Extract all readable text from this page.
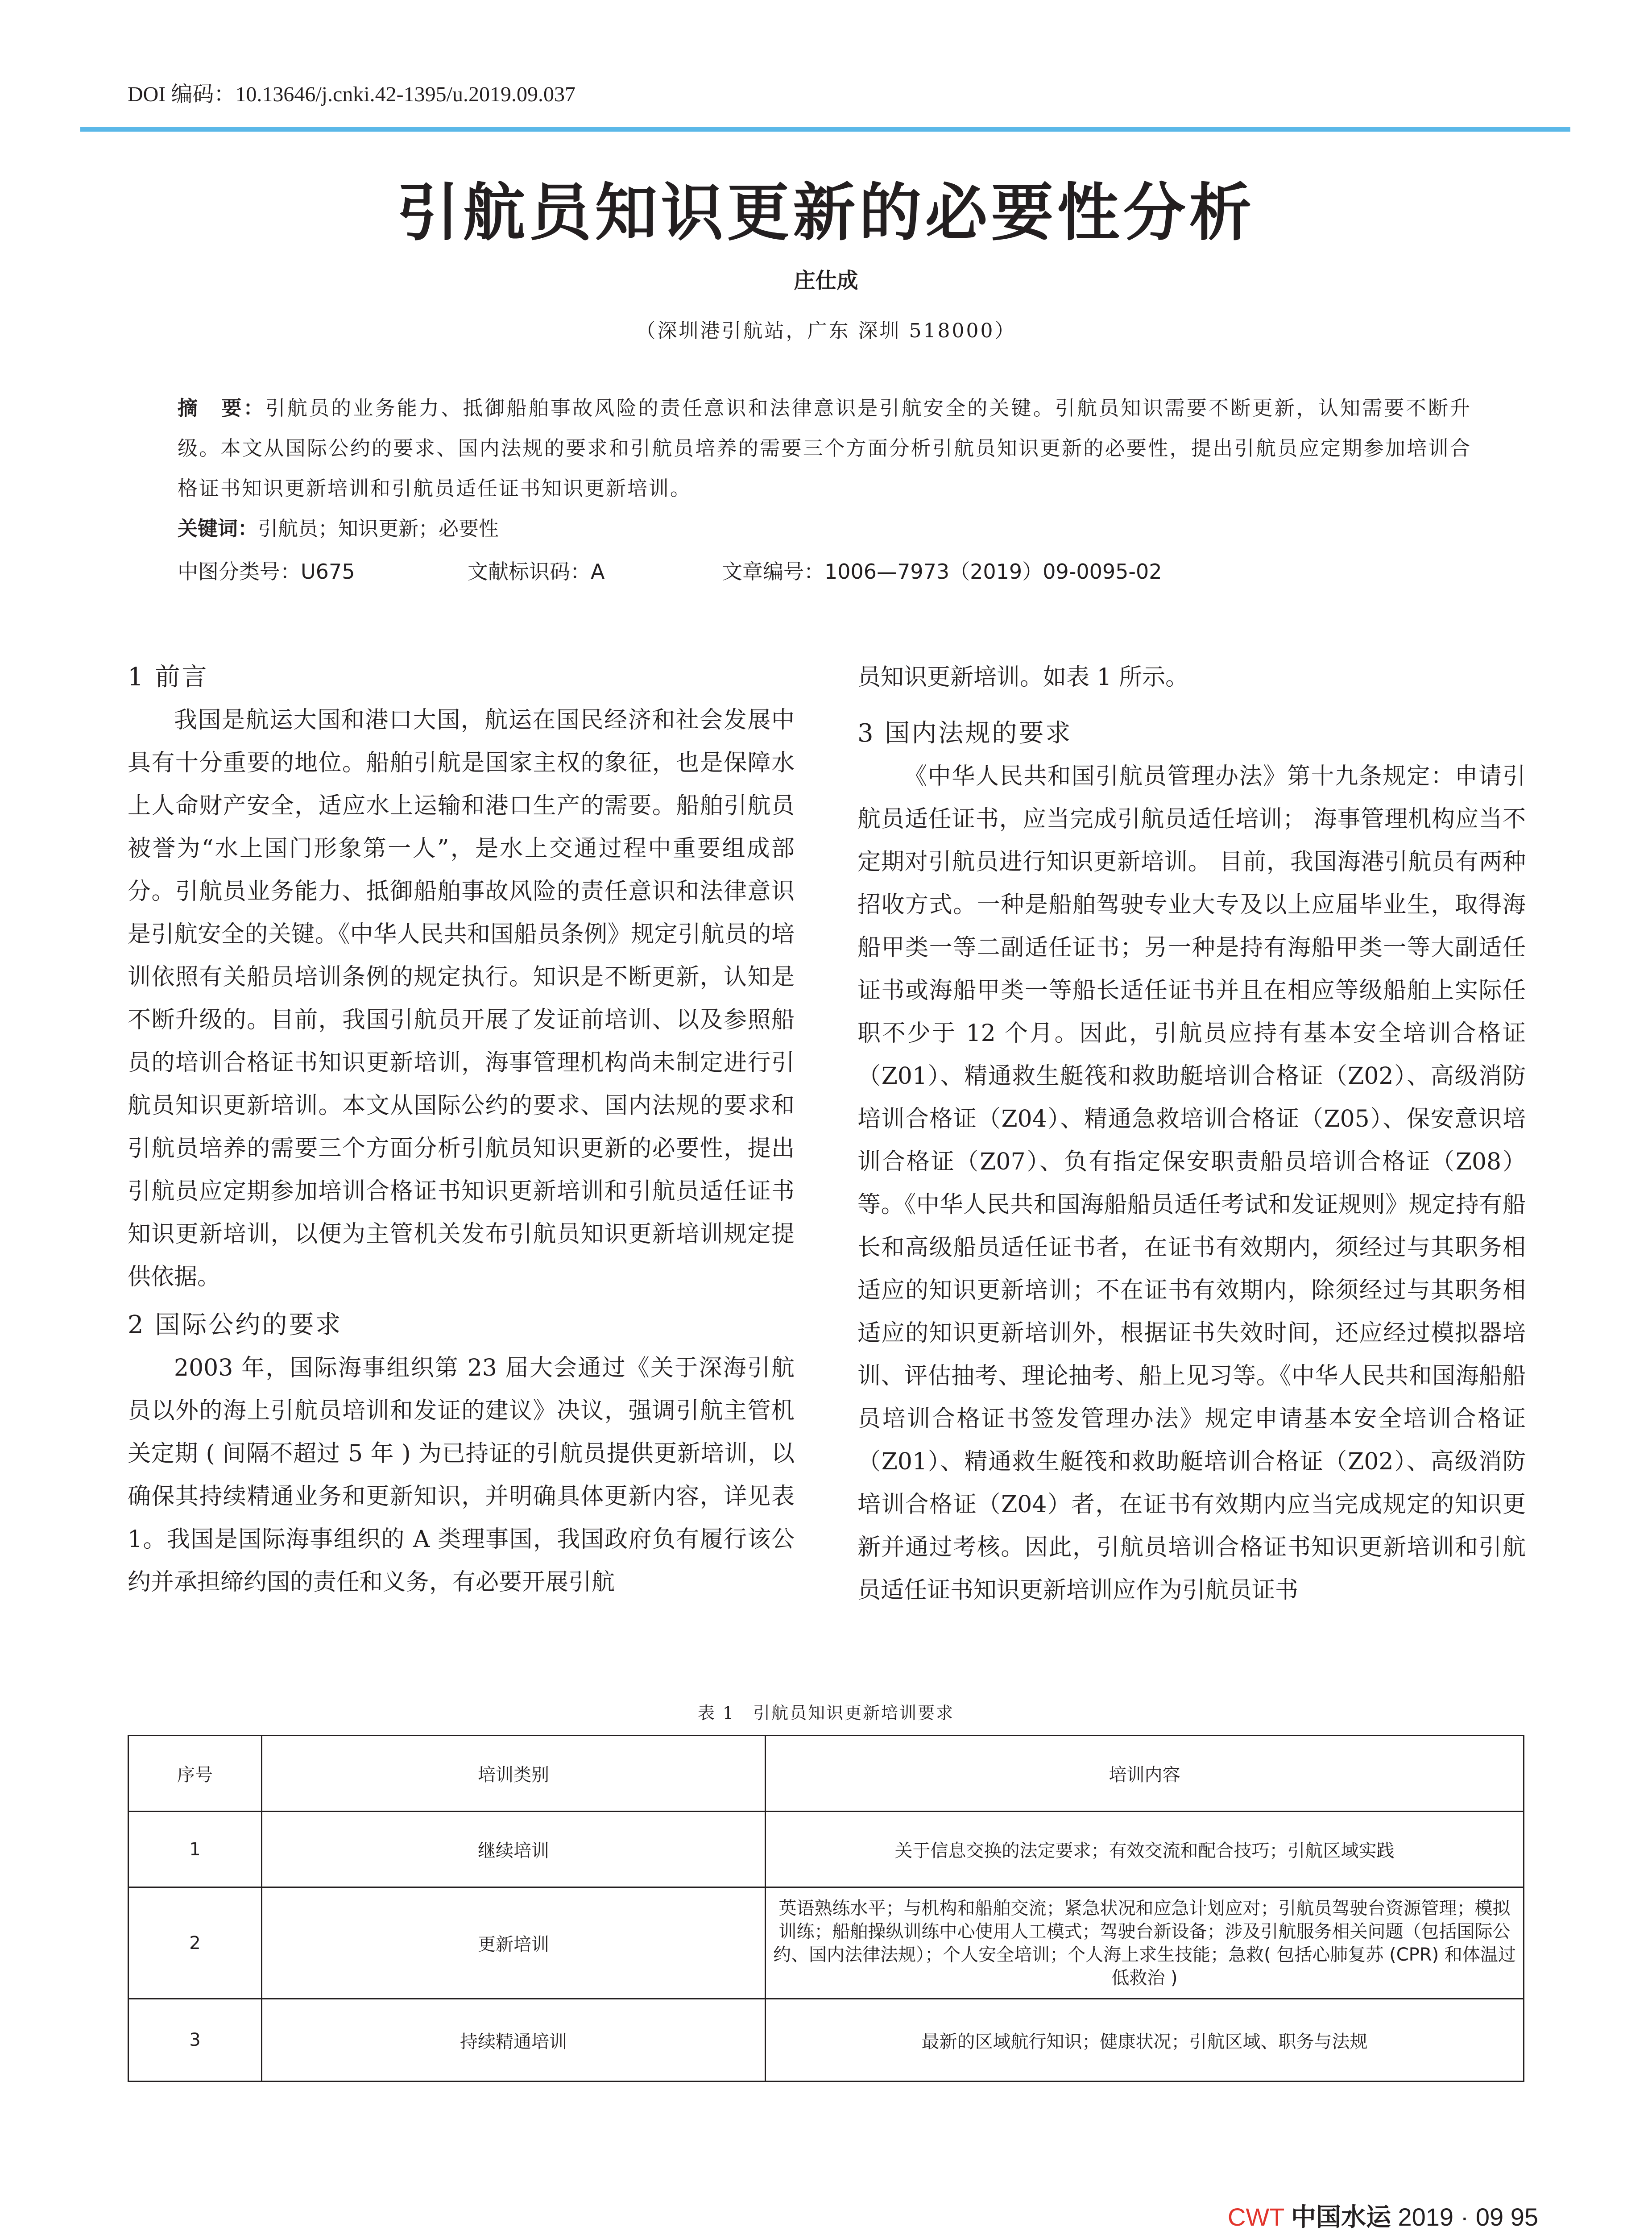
DOI 编码：10.13646/j.cnki.42-1395/u.2019.09.037
引航员知识更新的必要性分析
庄仕成
（深圳港引航站，广东 深圳 518000）
摘　要：引航员的业务能力、抵御船舶事故风险的责任意识和法律意识是引航安全的关键。引航员知识需要不断更新，认知需要不断升级。本文从国际公约的要求、国内法规的要求和引航员培养的需要三个方面分析引航员知识更新的必要性，提出引航员应定期参加培训合格证书知识更新培训和引航员适任证书知识更新培训。
关键词：引航员；知识更新；必要性
中图分类号：U675	文献标识码：A	文章编号：1006—7973（2019）09-0095-02

1 前言

我国是航运大国和港口大国，航运在国民经济和社会发展中具有十分重要的地位。船舶引航是国家主权的象征，也是保障水上人命财产安全，适应水上运输和港口生产的需要。船舶引航员被誉为“水上国门形象第一人”，是水上交通过程中重要组成部分。引航员业务能力、抵御船舶事故风险的责任意识和法律意识是引航安全的关键。《中华人民共和国船员条例》规定引航员的培训依照有关船员培训条例的规定执行。知识是不断更新，认知是不断升级的。目前，我国引航员开展了发证前培训、以及参照船员的培训合格证书知识更新培训，海事管理机构尚未制定进行引航员知识更新培训。本文从国际公约的要求、国内法规的要求和引航员培养的需要三个方面分析引航员知识更新的必要性，提出引航员应定期参加培训合格证书知识更新培训和引航员适任证书知识更新培训，以便为主管机关发布引航员知识更新培训规定提供依据。

2 国际公约的要求

2003 年，国际海事组织第 23 届大会通过《关于深海引航员以外的海上引航员培训和发证的建议》决议，强调引航主管机关定期 ( 间隔不超过 5 年 ) 为已持证的引航员提供更新培训，以确保其持续精通业务和更新知识，并明确具体更新内容，详见表 1。我国是国际海事组织的 A 类理事国，我国政府负有履行该公约并承担缔约国的责任和义务，有必要开展引航

员知识更新培训。如表 1 所示。

3 国内法规的要求

《中华人民共和国引航员管理办法》第十九条规定：申请引航员适任证书，应当完成引航员适任培训； 海事管理机构应当不定期对引航员进行知识更新培训。 目前，我国海港引航员有两种招收方式。一种是船舶驾驶专业大专及以上应届毕业生，取得海船甲类一等二副适任证书；另一种是持有海船甲类一等大副适任证书或海船甲类一等船长适任证书并且在相应等级船舶上实际任职不少于 12 个月。因此，引航员应持有基本安全培训合格证（Z01）、精通救生艇筏和救助艇培训合格证（Z02）、高级消防培训合格证（Z04）、精通急救培训合格证（Z05）、保安意识培训合格证（Z07）、负有指定保安职责船员培训合格证（Z08）等。《中华人民共和国海船船员适任考试和发证规则》规定持有船长和高级船员适任证书者，在证书有效期内，须经过与其职务相适应的知识更新培训；不在证书有效期内，除须经过与其职务相适应的知识更新培训外，根据证书失效时间，还应经过模拟器培训、评估抽考、理论抽考、船上见习等。《中华人民共和国海船船员培训合格证书签发管理办法》规定申请基本安全培训合格证（Z01）、精通救生艇筏和救助艇培训合格证（Z02）、高级消防培训合格证（Z04）者，在证书有效期内应当完成规定的知识更新并通过考核。因此，引航员培训合格证书知识更新培训和引航员适任证书知识更新培训应作为引航员证书

表 1　引航员知识更新培训要求
序号	培训类别	培训内容
1	继续培训	关于信息交换的法定要求；有效交流和配合技巧；引航区域实践
2	更新培训	英语熟练水平；与机构和船舶交流；紧急状况和应急计划应对；引航员驾驶台资源管理；模拟训练；船舶操纵训练中心使用人工模式；驾驶台新设备；涉及引航服务相关问题（包括国际公约、国内法律法规）；个人安全培训；个人海上求生技能；急救( 包括心肺复苏 (CPR) 和体温过低救治 )
3	持续精通培训	最新的区域航行知识；健康状况；引航区域、职务与法规
CWT 中国水运 2019 · 09 95
